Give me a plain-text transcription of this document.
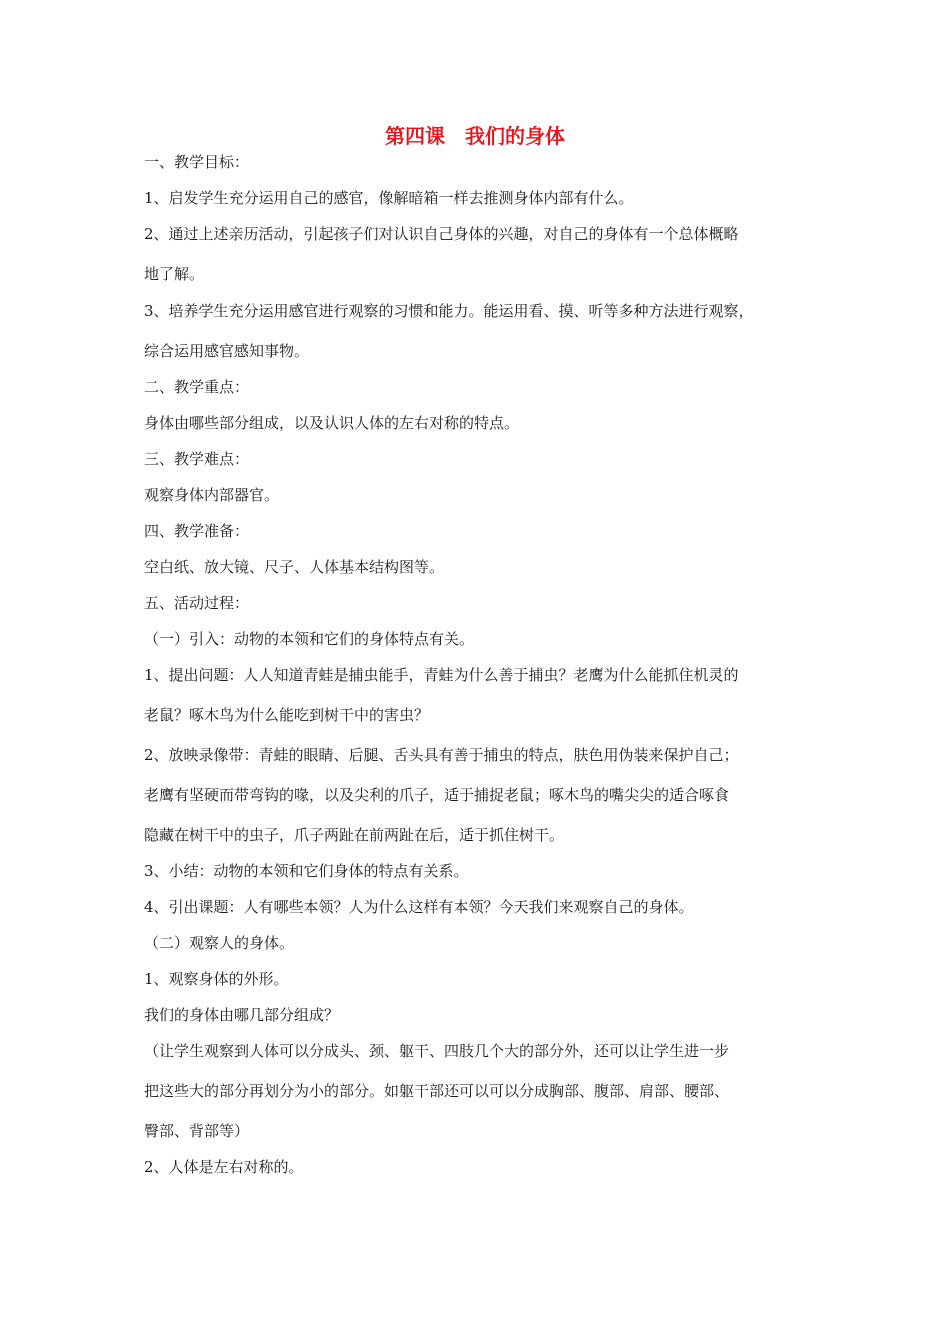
第四课　我们的身体
一、教学目标：
1、启发学生充分运用自己的感官，像解暗箱一样去推测身体内部有什么。
2、通过上述亲历活动，引起孩子们对认识自己身体的兴趣，对自己的身体有一个总体概略
地了解。
3、培养学生充分运用感官进行观察的习惯和能力。能运用看、摸、听等多种方法进行观察，
综合运用感官感知事物。
二、教学重点：
身体由哪些部分组成，以及认识人体的左右对称的特点。
三、教学难点：
观察身体内部器官。
四、教学准备：
空白纸、放大镜、尺子、人体基本结构图等。
五、活动过程：
（一）引入：动物的本领和它们的身体特点有关。
1、提出问题：人人知道青蛙是捕虫能手，青蛙为什么善于捕虫？老鹰为什么能抓住机灵的
老鼠？啄木鸟为什么能吃到树干中的害虫？
2、放映录像带：青蛙的眼睛、后腿、舌头具有善于捕虫的特点，肤色用伪装来保护自己；
老鹰有坚硬而带弯钩的喙，以及尖利的爪子，适于捕捉老鼠；啄木鸟的嘴尖尖的适合啄食
隐藏在树干中的虫子，爪子两趾在前两趾在后，适于抓住树干。
3、小结：动物的本领和它们身体的特点有关系。
4、引出课题：人有哪些本领？人为什么这样有本领？今天我们来观察自己的身体。
（二）观察人的身体。
1、观察身体的外形。
我们的身体由哪几部分组成？
（让学生观察到人体可以分成头、颈、躯干、四肢几个大的部分外，还可以让学生进一步
把这些大的部分再划分为小的部分。如躯干部还可以可以分成胸部、腹部、肩部、腰部、
臀部、背部等）
2、人体是左右对称的。
